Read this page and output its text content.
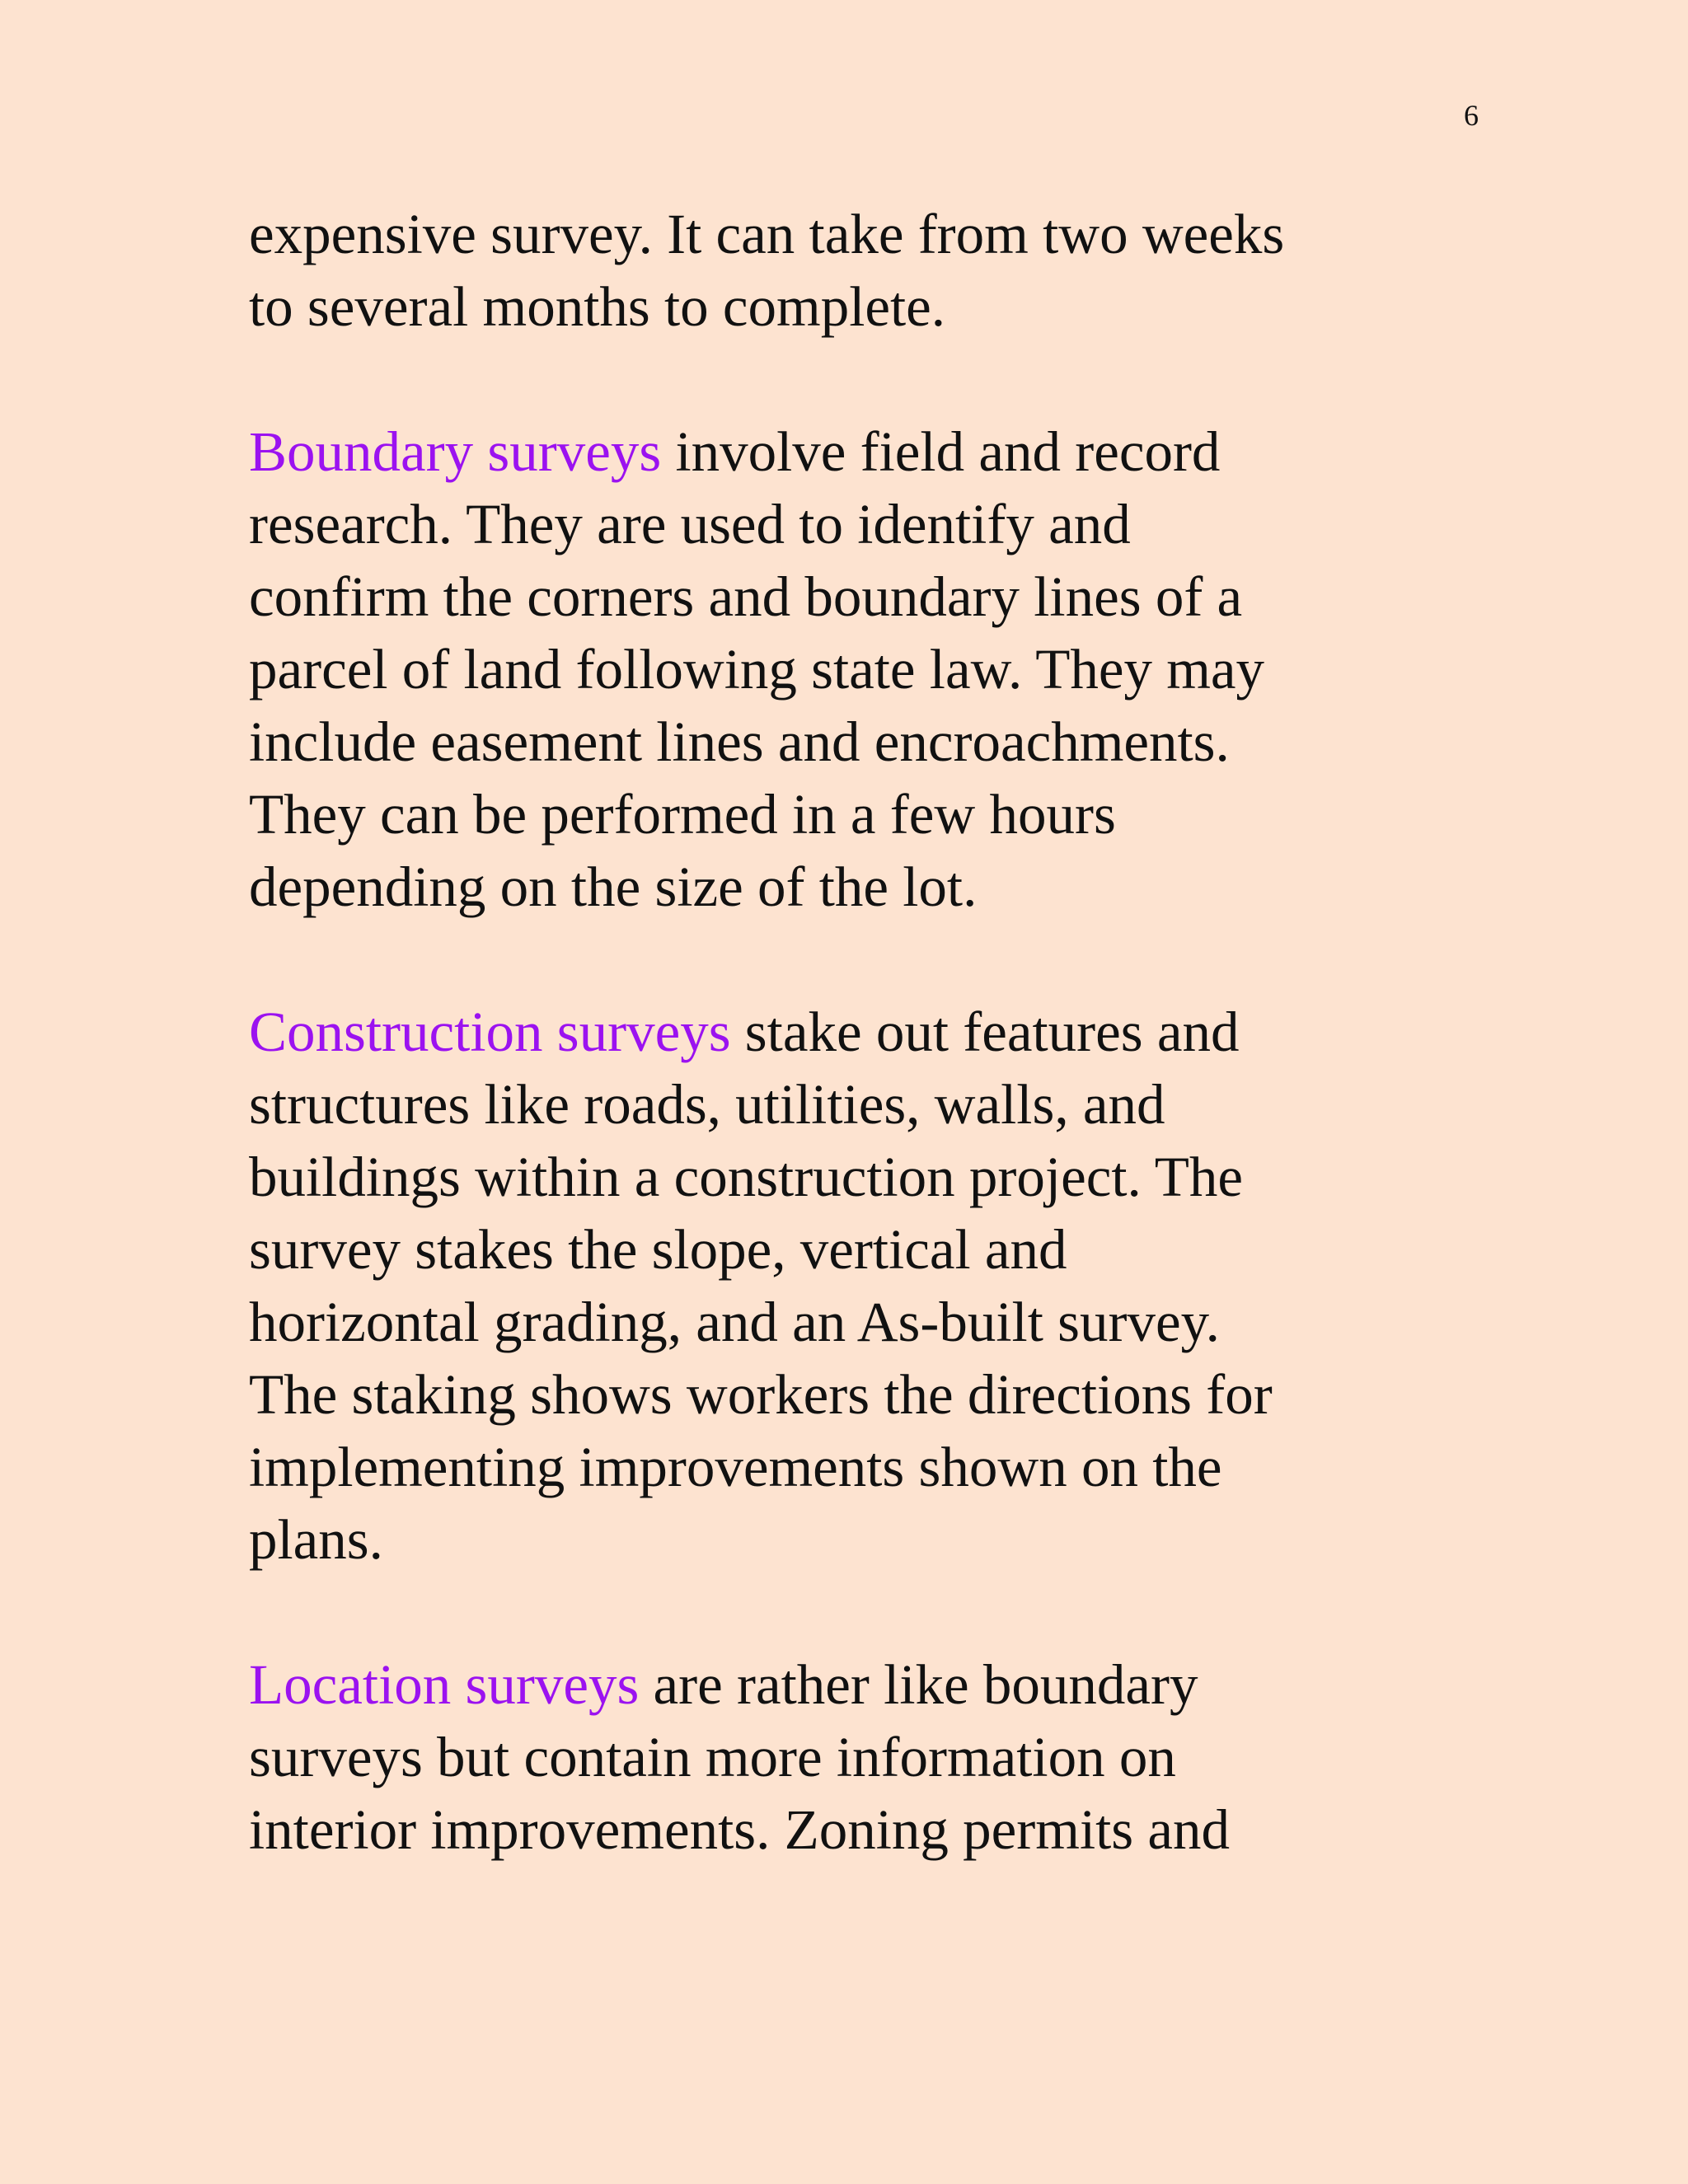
6

expensive survey. It can take from two weeks
to several months to complete.

Boundary surveys involve field and record
research. They are used to identify and
confirm the corners and boundary lines of a
parcel of land following state law. They may
include easement lines and encroachments.
They can be performed in a few hours
depending on the size of the lot.

Construction surveys stake out features and
structures like roads, utilities, walls, and
buildings within a construction project. The
survey stakes the slope, vertical and
horizontal grading, and an As-built survey.
The staking shows workers the directions for
implementing improvements shown on the
plans.

Location surveys are rather like boundary
surveys but contain more information on
interior improvements. Zoning permits and
